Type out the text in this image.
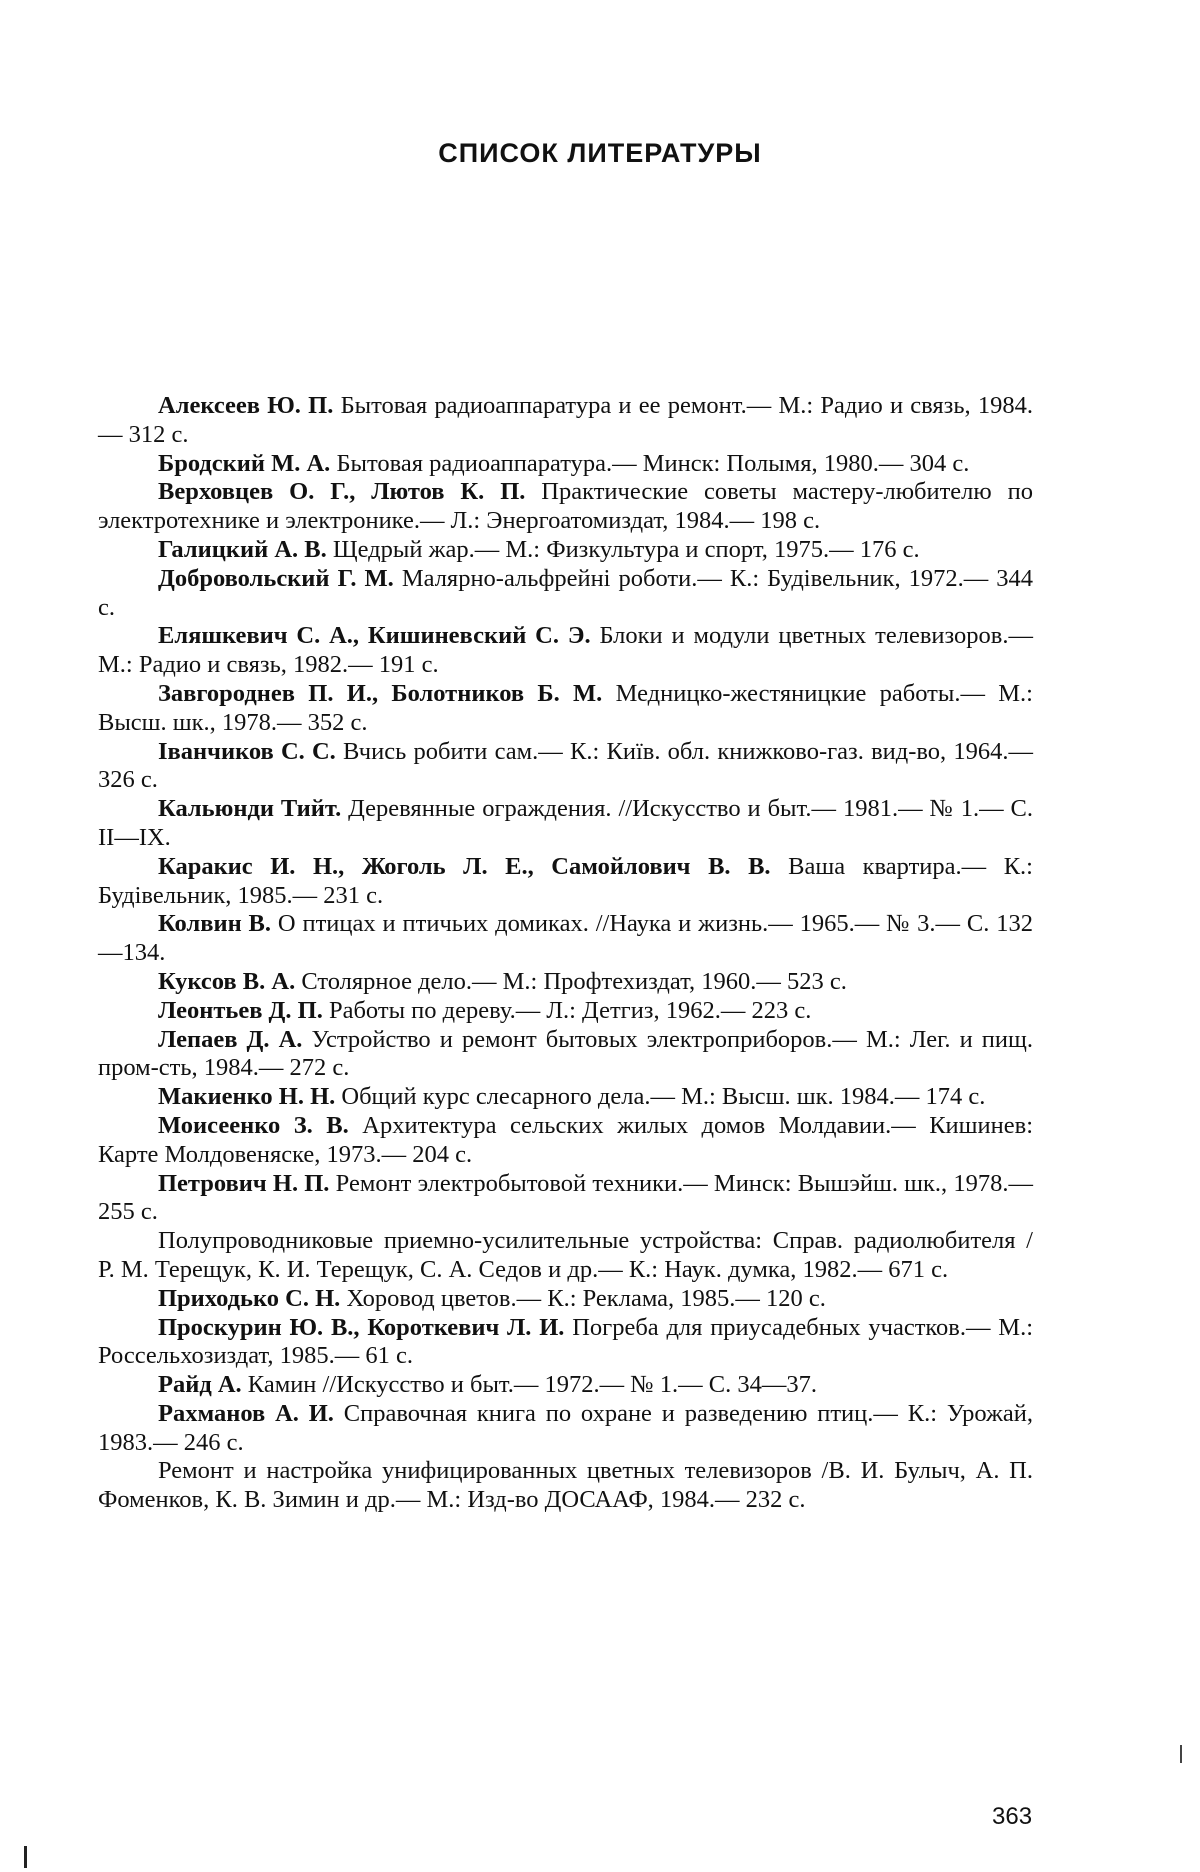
СПИСОК ЛИТЕРАТУРЫ

Алексеев Ю. П. Бытовая радиоаппаратура и ее ремонт.— М.: Радио и связь, 1984.— 312 с.

Бродский М. А. Бытовая радиоаппаратура.— Минск: Полымя, 1980.— 304 с.

Верховцев О. Г., Лютов К. П. Практические советы мастеру-любителю по электротехнике и электронике.— Л.: Энергоатомиздат, 1984.— 198 с.

Галицкий А. В. Щедрый жар.— М.: Физкультура и спорт, 1975.— 176 с.

Добровольский Г. М. Малярно-альфрейні роботи.— К.: Будівельник, 1972.— 344 с.

Еляшкевич С. А., Кишиневский С. Э. Блоки и модули цветных телевизоров.— М.: Радио и связь, 1982.— 191 с.

Завгороднев П. И., Болотников Б. М. Медницко-жестяницкие работы.— М.: Высш. шк., 1978.— 352 с.

Іванчиков С. С. Вчись робити сам.— К.: Київ. обл. книжково-газ. вид-во, 1964.— 326 с.

Кальюнди Тийт. Деревянные ограждения. //Искусство и быт.— 1981.— № 1.— С. II—IX.

Каракис И. Н., Жоголь Л. Е., Самойлович В. В. Ваша квартира.— К.: Будівельник, 1985.— 231 с.

Колвин В. О птицах и птичьих домиках. //Наука и жизнь.— 1965.— № 3.— С. 132—134.

Куксов В. А. Столярное дело.— М.: Профтехиздат, 1960.— 523 с.

Леонтьев Д. П. Работы по дереву.— Л.: Детгиз, 1962.— 223 с.

Лепаев Д. А. Устройство и ремонт бытовых электроприборов.— М.: Лег. и пищ. пром-сть, 1984.— 272 с.

Макиенко Н. Н. Общий курс слесарного дела.— М.: Высш. шк. 1984.— 174 с.

Моисеенко З. В. Архитектура сельских жилых домов Молдавии.— Кишинев: Карте Молдовеняске, 1973.— 204 с.

Петрович Н. П. Ремонт электробытовой техники.— Минск: Вышэйш. шк., 1978.— 255 с.

Полупроводниковые приемно-усилительные устройства: Справ. радиолюбителя / Р. М. Терещук, К. И. Терещук, С. А. Седов и др.— К.: Наук. думка, 1982.— 671 с.

Приходько С. Н. Хоровод цветов.— К.: Реклама, 1985.— 120 с.

Проскурин Ю. В., Короткевич Л. И. Погреба для приусадебных участков.— М.: Россельхозиздат, 1985.— 61 с.

Райд А. Камин //Искусство и быт.— 1972.— № 1.— С. 34—37.

Рахманов А. И. Справочная книга по охране и разведению птиц.— К.: Урожай, 1983.— 246 с.

Ремонт и настройка унифицированных цветных телевизоров /В. И. Булыч, А. П. Фоменков, К. В. Зимин и др.— М.: Изд-во ДОСААФ, 1984.— 232 с.

363
